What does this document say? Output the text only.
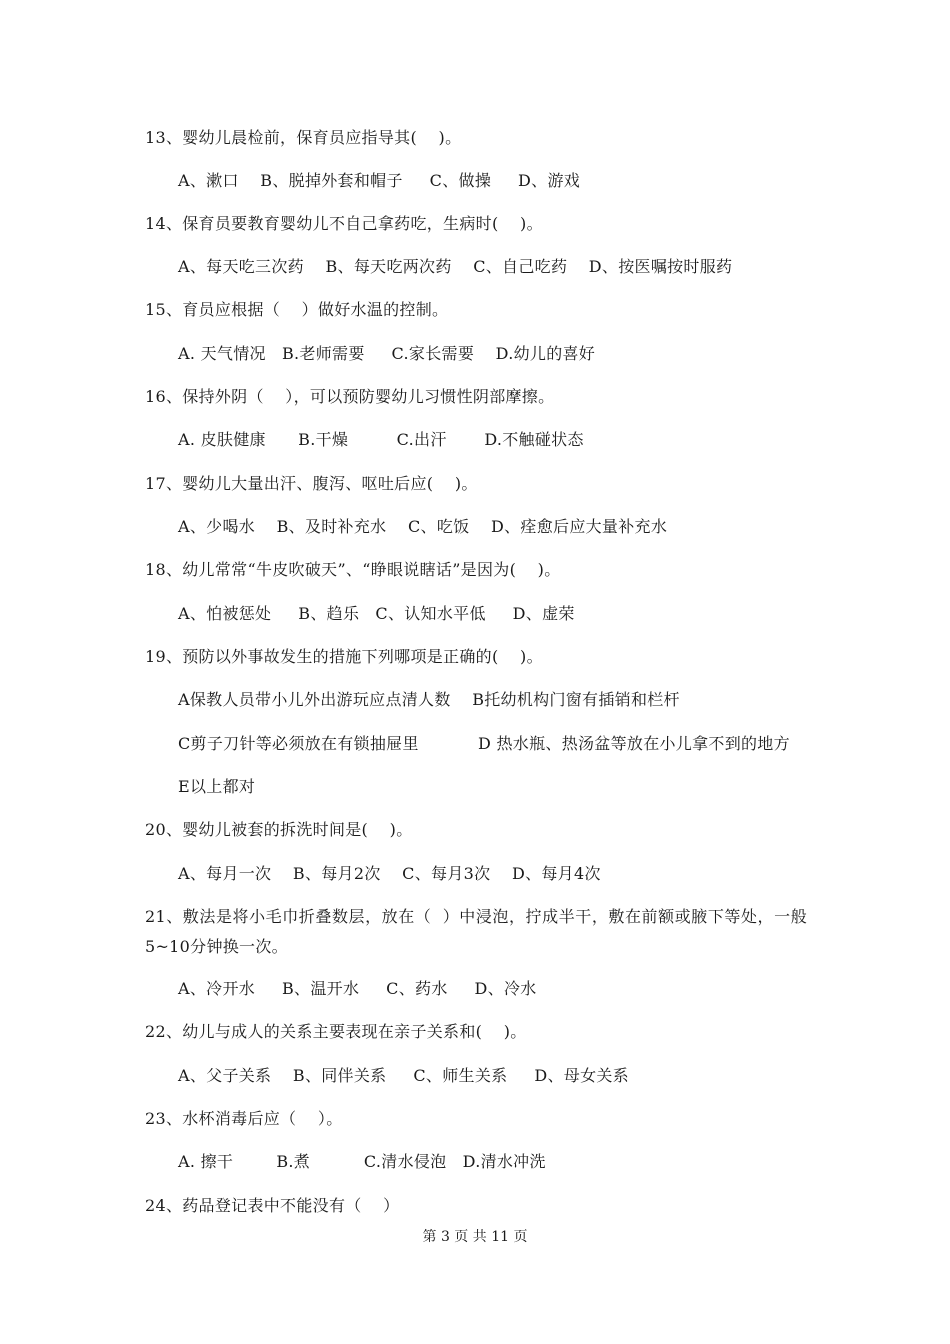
13、婴幼儿晨检前，保育员应指导其(    )。
A、漱口    B、脱掉外套和帽子     C、做操     D、游戏
14、保育员要教育婴幼儿不自己拿药吃，生病时(    )。
A、每天吃三次药    B、每天吃两次药    C、自己吃药    D、按医嘱按时服药
15、育员应根据（    ）做好水温的控制。
A. 天气情况   B.老师需要     C.家长需要    D.幼儿的喜好
16、保持外阴（    ），可以预防婴幼儿习惯性阴部摩擦。
A. 皮肤健康      B.干燥         C.出汗       D.不触碰状态
17、婴幼儿大量出汗、腹泻、呕吐后应(    )。
A、少喝水    B、及时补充水    C、吃饭    D、痊愈后应大量补充水
18、幼儿常常“牛皮吹破天”、“睁眼说瞎话”是因为(    )。
A、怕被惩处     B、趋乐   C、认知水平低     D、虚荣
19、预防以外事故发生的措施下列哪项是正确的(    )。
A保教人员带小儿外出游玩应点清人数    B托幼机构门窗有插销和栏杆
C剪子刀针等必须放在有锁抽屉里           D 热水瓶、热汤盆等放在小儿拿不到的地方
E以上都对
20、婴幼儿被套的拆洗时间是(    )。
A、每月一次    B、每月2次    C、每月3次    D、每月4次
21、敷法是将小毛巾折叠数层，放在（  ）中浸泡，拧成半干，敷在前额或腋下等处，一般5~10分钟换一次。
A、冷开水     B、温开水     C、药水     D、冷水
22、幼儿与成人的关系主要表现在亲子关系和(    )。
A、父子关系    B、同伴关系     C、师生关系     D、母女关系
23、水杯消毒后应（    ）。
A. 擦干        B.煮          C.清水侵泡   D.清水冲洗
24、药品登记表中不能没有（    ）
第 3 页 共 11 页
